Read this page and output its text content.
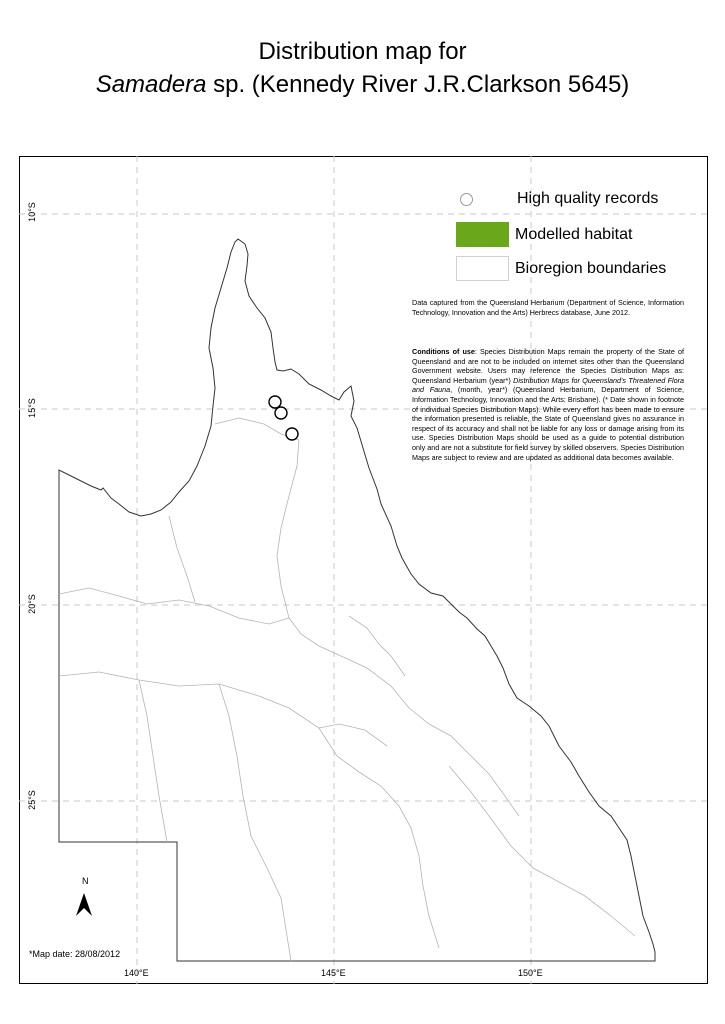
Distribution map for
Samadera sp. (Kennedy River J.R.Clarkson 5645)
10°S
15°S
20°S
25°S
140°E	145°E	150°E
N
High quality records
Modelled habitat
Bioregion boundaries
Data captured from the Queensland Herbarium (Department of Science, Information Technology, Innovation and the Arts) Herbrecs database, June 2012.
Conditions of use: Species Distribution Maps remain the property of the State of Queensland and are not to be included on internet sites other than the Queensland Government website. Users may reference the Species Distribution Maps as: Queensland Herbarium (year*) Distribution Maps for Queensland's Threatened Flora and Fauna, (month, year*) (Queensland Herbarium, Department of Science, Information Technology, Innovation and the Arts: Brisbane). (* Date shown in footnote of individual Species Distribution Maps). While every effort has been made to ensure the information presented is reliable, the State of Queensland gives no assurance in respect of its accuracy and shall not be liable for any loss or damage arising from its use. Species Distribution Maps should be used as a guide to potential distribution only and are not a substitute for field survey by skilled observers. Species Distribution Maps are subject to review and are updated as additional data becomes available.
*Map date: 28/08/2012
